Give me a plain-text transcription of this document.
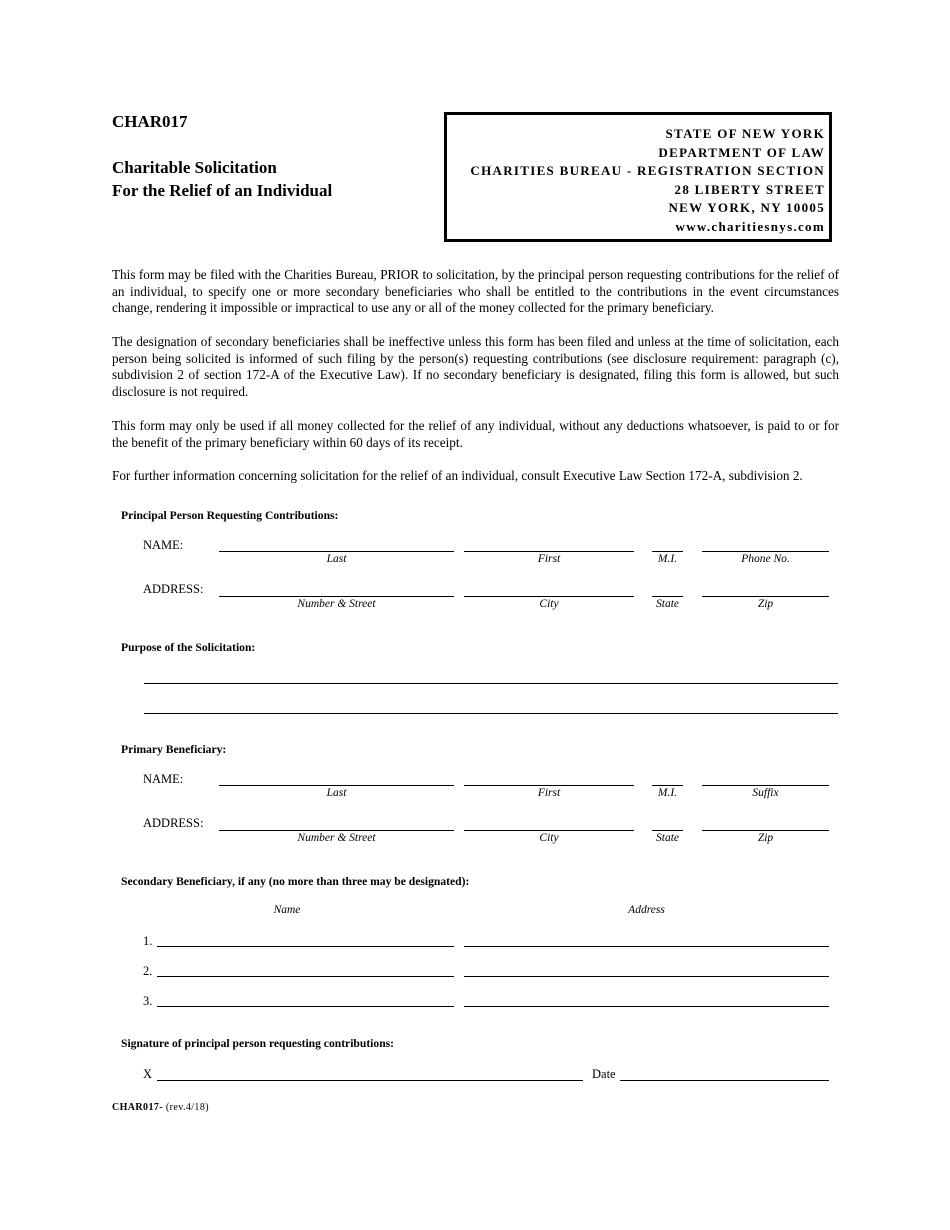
CHAR017
Charitable Solicitation
For the Relief of an Individual
STATE OF NEW YORK
DEPARTMENT OF LAW
CHARITIES BUREAU - REGISTRATION SECTION
28 LIBERTY STREET
NEW YORK, NY 10005
www.charitiesnys.com
This form may be filed with the Charities Bureau, PRIOR to solicitation, by the principal person requesting contributions for the relief of an individual, to specify one or more secondary beneficiaries who shall be entitled to the contributions in the event circumstances change, rendering it impossible or impractical to use any or all of the money collected for the primary beneficiary.
The designation of secondary beneficiaries shall be ineffective unless this form has been filed and unless at the time of solicitation, each person being solicited is informed of such filing by the person(s) requesting contributions (see disclosure requirement: paragraph (c), subdivision 2 of section 172-A of the Executive Law). If no secondary beneficiary is designated, filing this form is allowed, but such disclosure is not required.
This form may only be used if all money collected for the relief of any individual, without any deductions whatsoever, is paid to or for the benefit of the primary beneficiary within 60 days of its receipt.
For further information concerning solicitation for the relief of an individual, consult Executive Law Section 172-A, subdivision 2.
Principal Person Requesting Contributions:
NAME:
Last	First	M.I.	Phone No.
ADDRESS:
Number & Street	City	State	Zip
Purpose of the Solicitation:
Primary Beneficiary:
NAME:
Last	First	M.I.	Suffix
ADDRESS:
Number & Street	City	State	Zip
Secondary Beneficiary, if any (no more than three may be designated):
Name	Address
1.
2.
3.
Signature of principal person requesting contributions:
X	Date
CHAR017- (rev.4/18)
